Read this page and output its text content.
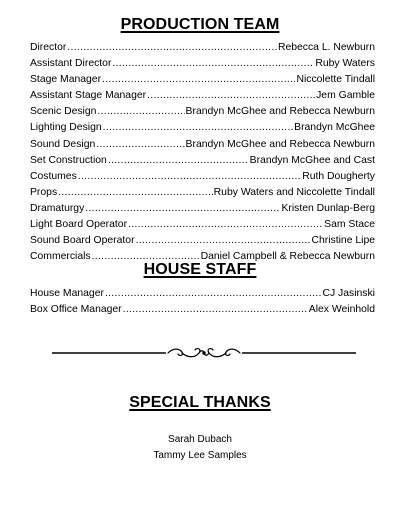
PRODUCTION TEAM
Director .....	Rebecca L. Newburn
Assistant Director .....	Ruby Waters
Stage Manager .....	Niccolette Tindall
Assistant Stage Manager .....	Jem Gamble
Scenic Design .....	Brandyn McGhee and Rebecca Newburn
Lighting Design .....	Brandyn McGhee
Sound Design .....	Brandyn McGhee and Rebecca Newburn
Set Construction .....	Brandyn McGhee and Cast
Costumes .....	Ruth Dougherty
Props .....	Ruby Waters and Niccolette Tindall
Dramaturgy .....	Kristen Dunlap-Berg
Light Board Operator .....	Sam Stace
Sound Board Operator .....	Christine Lipe
Commercials .....	Daniel Campbell & Rebecca Newburn
HOUSE STAFF
House Manager .....	CJ Jasinski
Box Office Manager .....	Alex Weinhold
SPECIAL THANKS
Sarah Dubach
Tammy Lee Samples
